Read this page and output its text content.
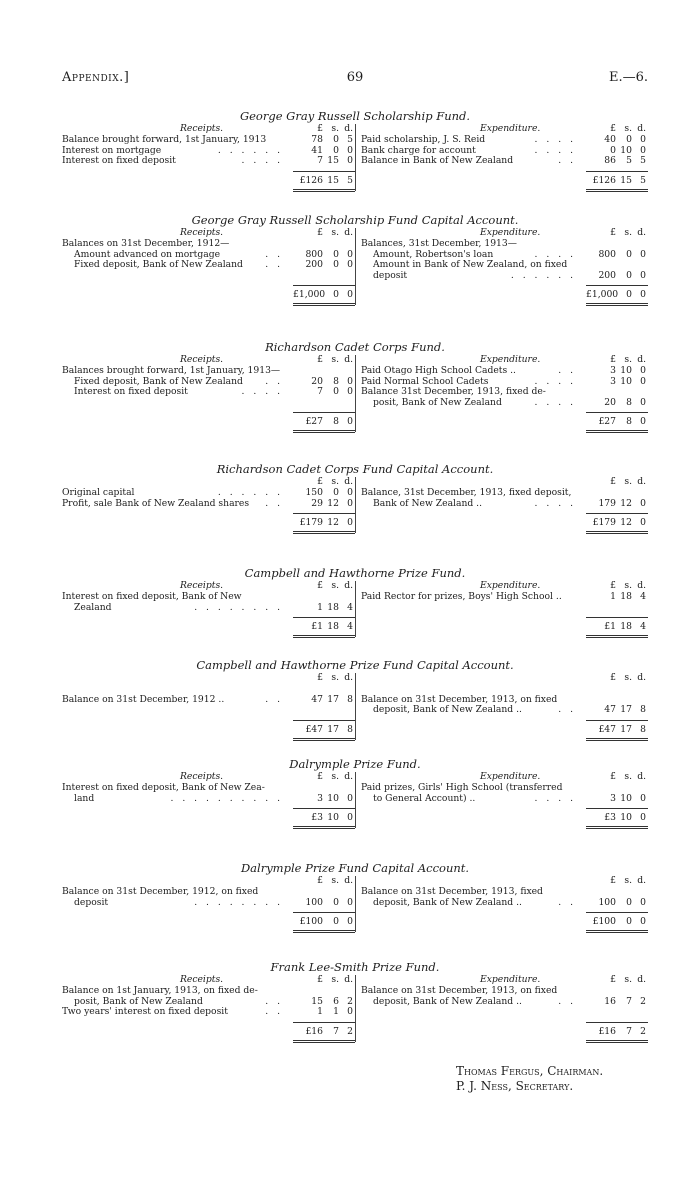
Appendix.]	69	E.—6.
George Gray Russell Scholarship Fund.
Receipts.	£ s. d.
Balance brought forward, 1st January, 1913	78	0 5
Interest on mortgage	. . . . . .	41	0 0
Interest on fixed deposit	. . . .	7 15 0
£126 15 5
Expenditure.	£ s. d.
Paid scholarship, J. S. Reid	. . . .	40	0 0
Bank charge for account	. . . .	0 10 0
Balance in Bank of New Zealand	. .	86	5 5
£126 15 5
George Gray Russell Scholarship Fund Capital Account.
Receipts.	£ s. d.
Balances on 31st December, 1912—
Amount advanced on mortgage	. .	800	0 0
Fixed deposit, Bank of New Zealand . .	200	0 0
£1,000 0 0
Expenditure.	£ s. d.
Balances, 31st December, 1913—
Amount, Robertson's loan	. . . .	800	0 0
Amount in Bank of New Zealand, on fixed
deposit	. . . . . .	200	0 0
£1,000 0 0
Richardson Cadet Corps Fund.
Receipts.	£ s. d.
Balances brought forward, 1st January, 1913—
Fixed deposit, Bank of New Zealand . .	20	8 0
Interest on fixed deposit	. . . .	7	0 0
£27	8 0
Expenditure.	£ s. d.
Paid Otago High School Cadets ..	. .	3 10 0
Paid Normal School Cadets	. . . .	3 10 0
Balance 31st December, 1913, fixed de-
posit, Bank of New Zealand	. . . .	20	8 0
£27	8 0
Richardson Cadet Corps Fund Capital Account.
£ s. d.
Original capital	. . . . . .	150	0 0
Profit, sale Bank of New Zealand shares . .	29 12 0
£179 12 0
£ s. d.
Balance, 31st December, 1913, fixed deposit,
Bank of New Zealand ..	. . . .	179 12 0
£179 12 0
Campbell and Hawthorne Prize Fund.
Receipts.	£ s. d.
Interest on fixed deposit, Bank of New
Zealand	. . . . . . . .	1 18 4
£1 18 4
Expenditure.	£ s. d.
Paid Rector for prizes, Boys' High School ..	1 18 4
£1 18 4
Campbell and Hawthorne Prize Fund Capital Account.
£ s. d.
Balance on 31st December, 1912 ..	. .	47 17 8
£47 17 8
£ s. d.
Balance on 31st December, 1913, on fixed
deposit, Bank of New Zealand ..	. .	47 17 8
£47 17 8
Dalrymple Prize Fund.
Receipts.	£ s. d.
Interest on fixed deposit, Bank of New Zea-
land	. . . . . . . . . .	3 10 0
£3 10 0
Expenditure.	£ s. d.
Paid prizes, Girls' High School (transferred
to General Account) ..	. . . .	3 10 0
£3 10 0
Dalrymple Prize Fund Capital Account.
£ s. d.
Balance on 31st December, 1912, on fixed
deposit	. . . . . . . .	100	0 0
£100	0 0
£ s. d.
Balance on 31st December, 1913, fixed
deposit, Bank of New Zealand ..	. .	100	0 0
£100	0 0
Frank Lee-Smith Prize Fund.
Receipts.	£ s. d.
Balance on 1st January, 1913, on fixed de-
posit, Bank of New Zealand	. .	15	6 2
Two years' interest on fixed deposit	. .	1	1 0
£16	7 2
Expenditure.	£ s. d.
Balance on 31st December, 1913, on fixed
deposit, Bank of New Zealand ..	. .	16	7 2
£16	7 2
Thomas Fergus, Chairman.
P. J. Ness, Secretary.
